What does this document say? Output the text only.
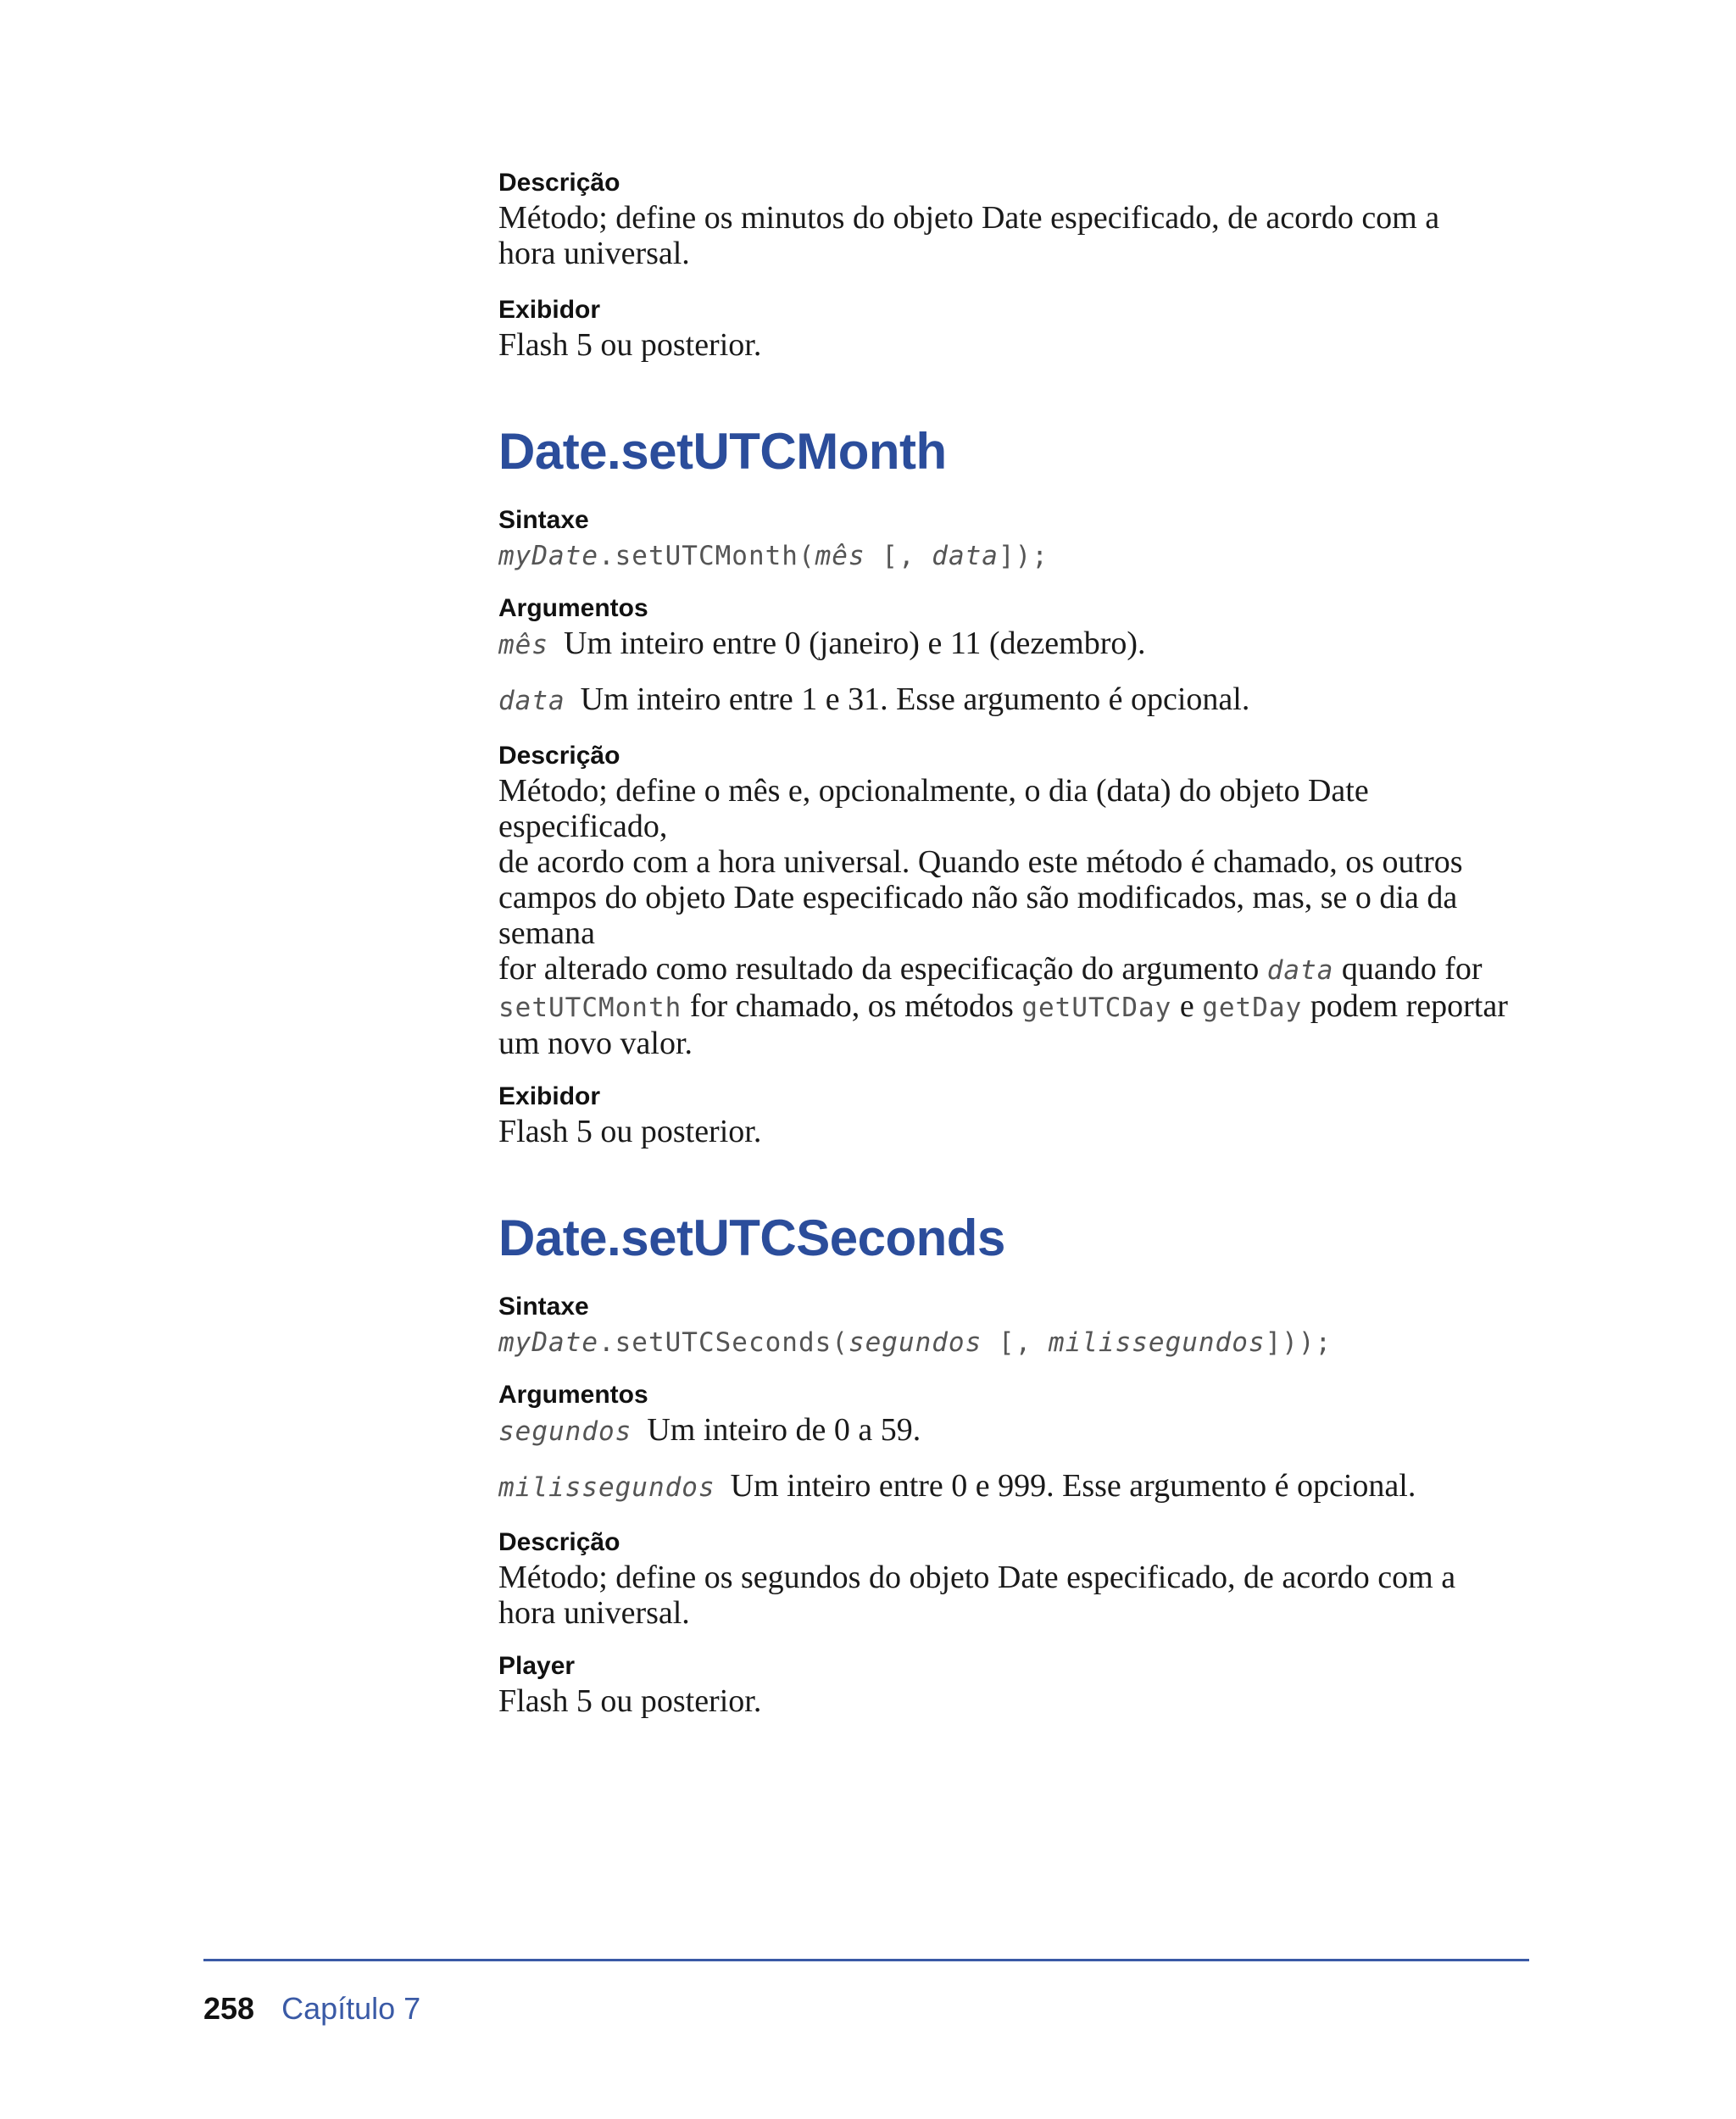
Descrição
Método; define os minutos do objeto Date especificado, de acordo com a
hora universal.
Exibidor
Flash 5 ou posterior.
Date.setUTCMonth
Sintaxe
myDate.setUTCMonth(mês [, data]);
Argumentos
mês Um inteiro entre 0 (janeiro) e 11 (dezembro).
data Um inteiro entre 1 e 31. Esse argumento é opcional.
Descrição
Método; define o mês e, opcionalmente, o dia (data) do objeto Date especificado,
de acordo com a hora universal. Quando este método é chamado, os outros
campos do objeto Date especificado não são modificados, mas, se o dia da semana
for alterado como resultado da especificação do argumento data quando for
setUTCMonth for chamado, os métodos getUTCDay e getDay podem reportar
um novo valor.
Exibidor
Flash 5 ou posterior.
Date.setUTCSeconds
Sintaxe
myDate.setUTCSeconds(segundos [, milissegundos]));
Argumentos
segundos Um inteiro de 0 a 59.
milissegundos Um inteiro entre 0 e 999. Esse argumento é opcional.
Descrição
Método; define os segundos do objeto Date especificado, de acordo com a
hora universal.
Player
Flash 5 ou posterior.
258 Capítulo 7
